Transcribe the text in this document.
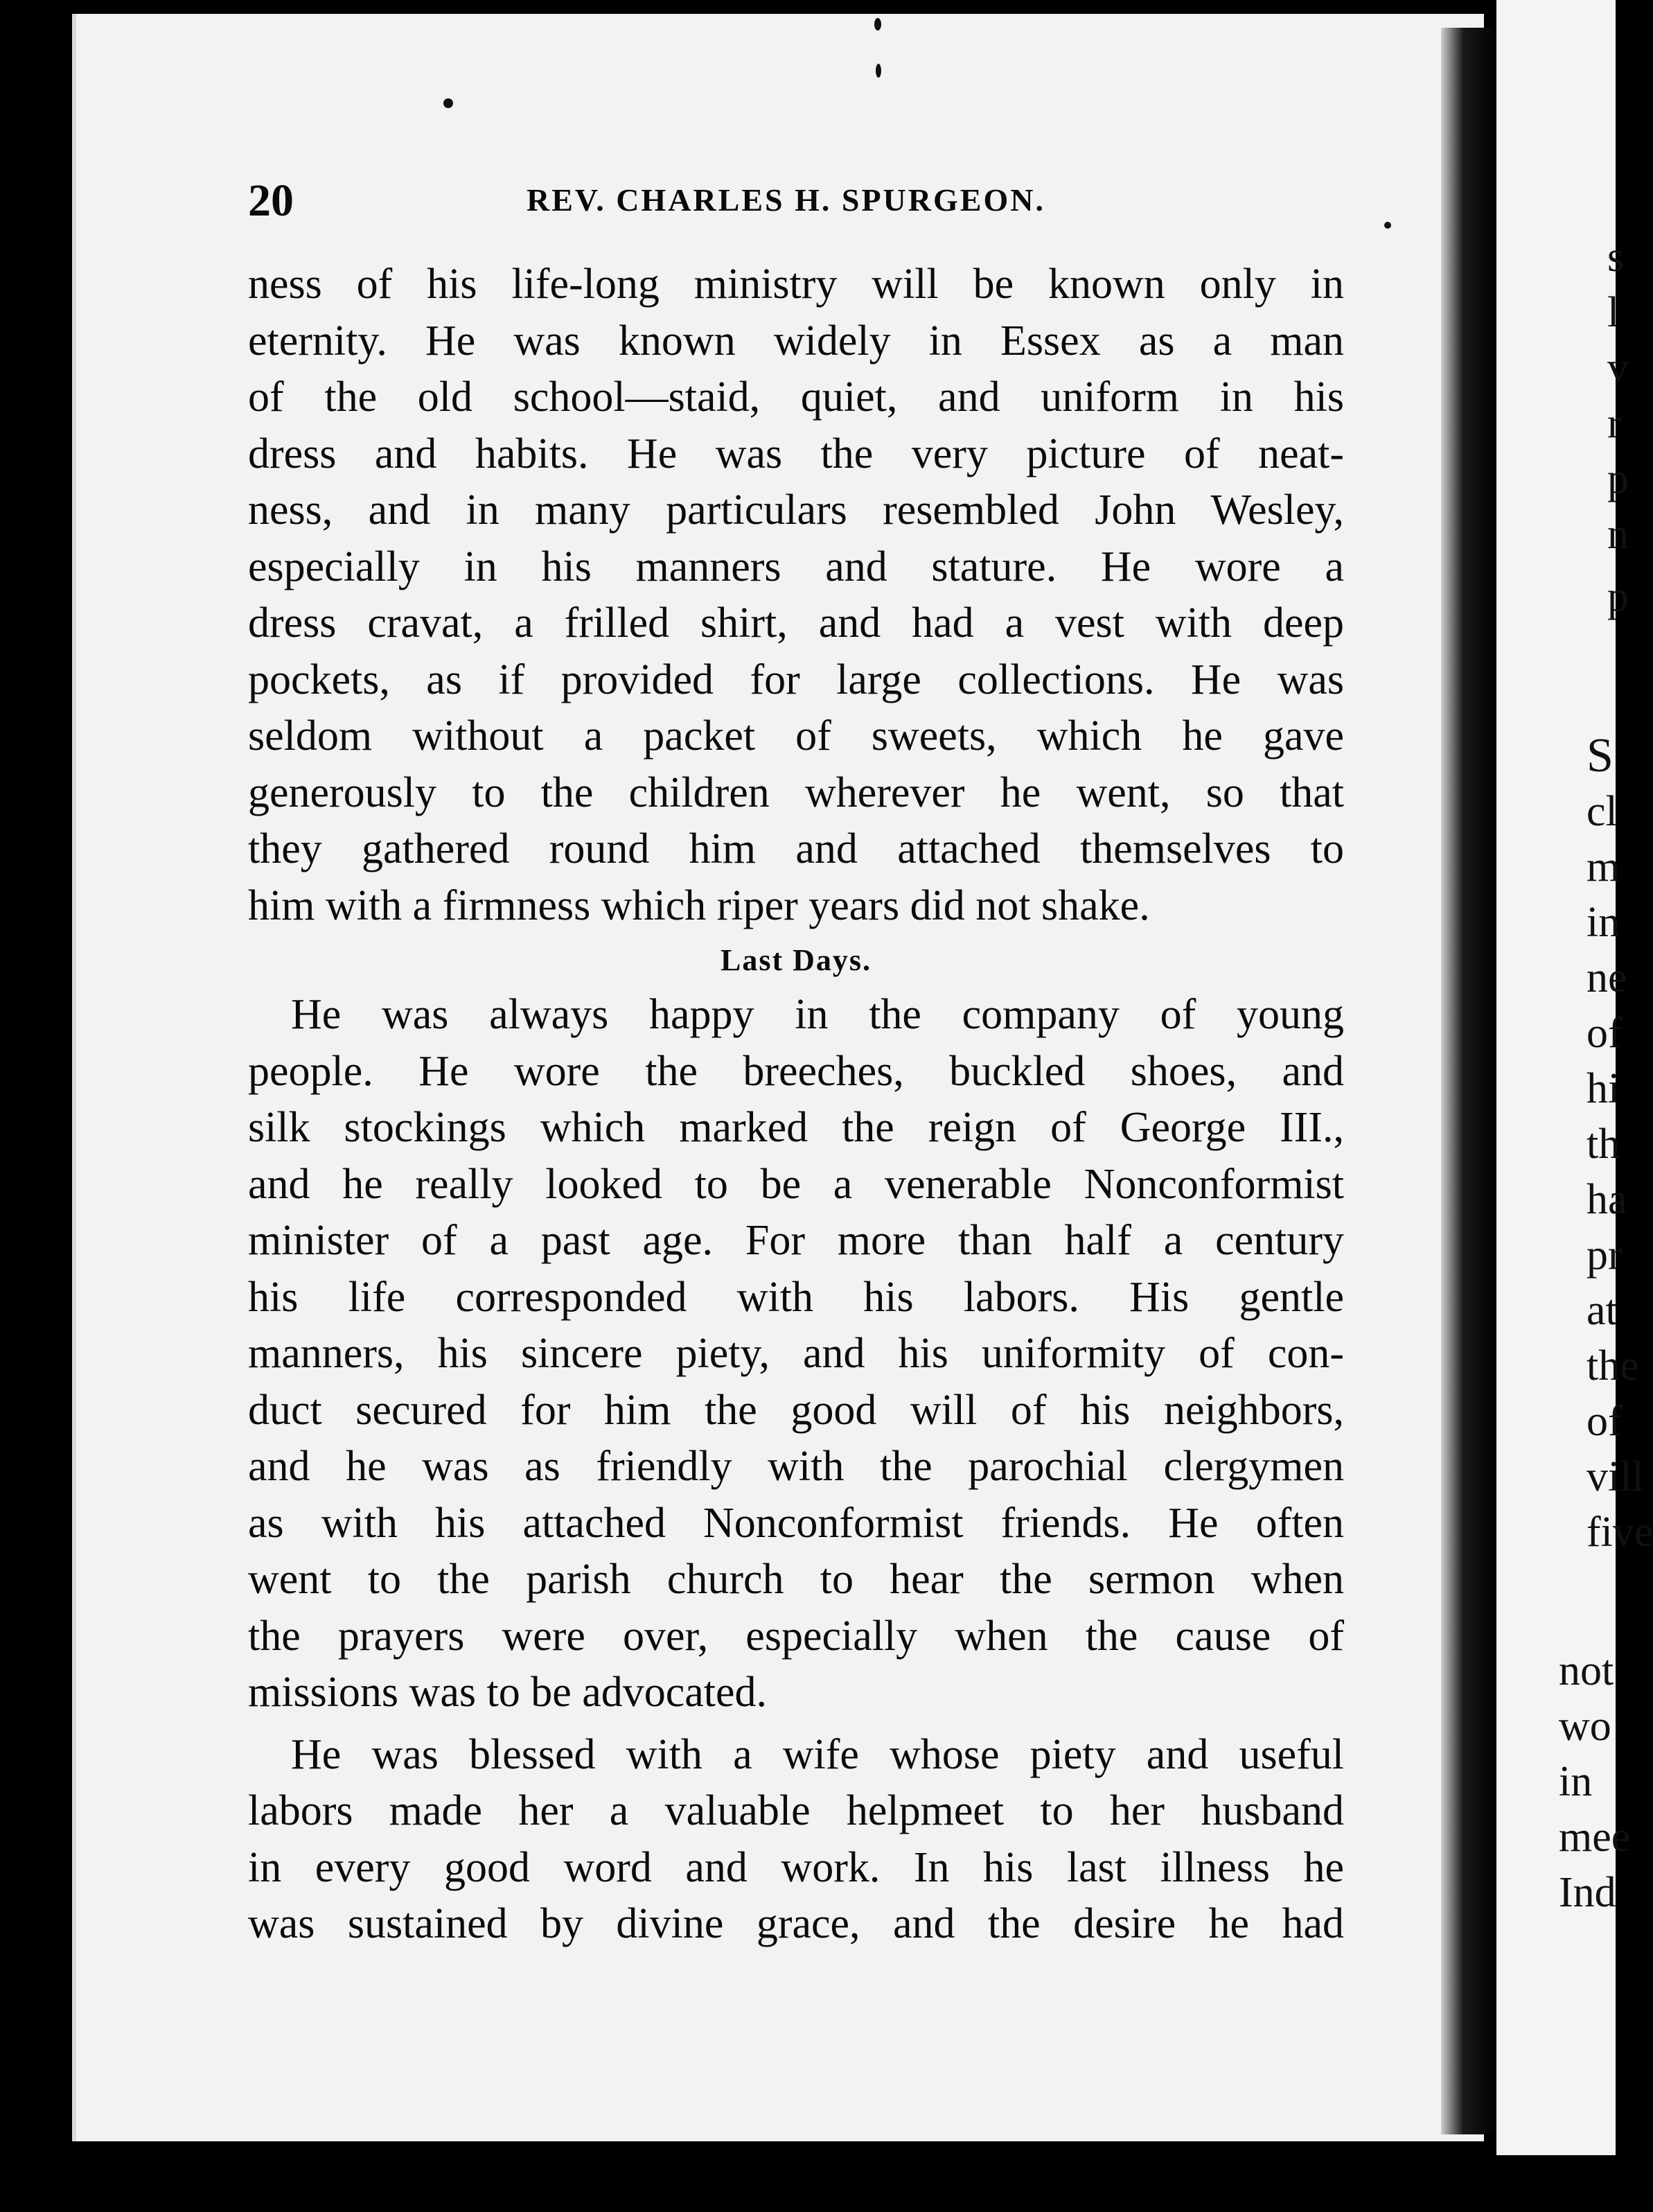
s
l
v
r
p
n
p
S
cl
m
in
ne
of
hi
th
ha
pr
at
the
of
vill
five
not
wo
in
mee
Ind
20	REV. CHARLES H. SPURGEON.
ness of his life-long ministry will be known only in
eternity. He was known widely in Essex as a man
of the old school—staid, quiet, and uniform in his
dress and habits. He was the very picture of neat-
ness, and in many particulars resembled John Wesley,
especially in his manners and stature. He wore a
dress cravat, a frilled shirt, and had a vest with deep
pockets, as if provided for large collections. He was
seldom without a packet of sweets, which he gave
generously to the children wherever he went, so that
they gathered round him and attached themselves to
him with a firmness which riper years did not shake.
Last Days.
He was always happy in the company of young
people. He wore the breeches, buckled shoes, and
silk stockings which marked the reign of George III.,
and he really looked to be a venerable Nonconformist
minister of a past age. For more than half a century
his life corresponded with his labors. His gentle
manners, his sincere piety, and his uniformity of con-
duct secured for him the good will of his neighbors,
and he was as friendly with the parochial clergymen
as with his attached Nonconformist friends. He often
went to the parish church to hear the sermon when
the prayers were over, especially when the cause of
missions was to be advocated.
He was blessed with a wife whose piety and useful
labors made her a valuable helpmeet to her husband
in every good word and work. In his last illness he
was sustained by divine grace, and the desire he had
